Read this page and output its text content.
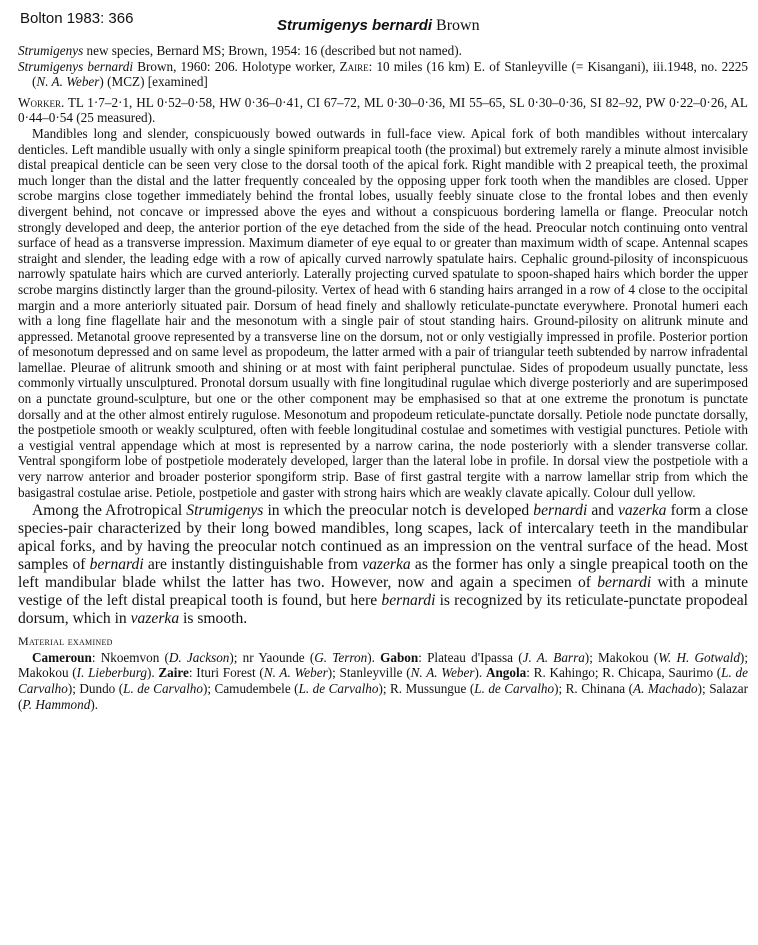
Bolton 1983: 366	Strumigenys bernardi Brown

Strumigenys new species, Bernard MS; Brown, 1954: 16 (described but not named).

Strumigenys bernardi Brown, 1960: 206. Holotype worker, Zaire: 10 miles (16 km) E. of Stanleyville (= Kisangani), iii.1948, no. 2225 (N. A. Weber) (MCZ) [examined]

Worker. TL 1·7–2·1, HL 0·52–0·58, HW 0·36–0·41, CI 67–72, ML 0·30–0·36, MI 55–65, SL 0·30–0·36, SI 82–92, PW 0·22–0·26, AL 0·44–0·54 (25 measured).

Mandibles long and slender, conspicuously bowed outwards in full-face view. Apical fork of both mandibles without intercalary denticles. Left mandible usually with only a single spiniform preapical tooth (the proximal) but extremely rarely a minute almost invisible distal preapical denticle can be seen very close to the dorsal tooth of the apical fork. Right mandible with 2 preapical teeth, the proximal much longer than the distal and the latter frequently concealed by the opposing upper fork tooth when the mandibles are closed. Upper scrobe margins close together immediately behind the frontal lobes, usually feebly sinuate close to the frontal lobes and then evenly divergent behind, not concave or impressed above the eyes and without a conspicuous bordering lamella or flange. Preocular notch strongly developed and deep, the anterior portion of the eye detached from the side of the head. Preocular notch continuing onto ventral surface of head as a transverse impression. Maximum diameter of eye equal to or greater than maximum width of scape. Antennal scapes straight and slender, the leading edge with a row of apically curved narrowly spatulate hairs. Cephalic ground-pilosity of inconspicuous narrowly spatulate hairs which are curved anteriorly. Laterally projecting curved spatulate to spoon-shaped hairs which border the upper scrobe margins distinctly larger than the ground-pilosity. Vertex of head with 6 standing hairs arranged in a row of 4 close to the occipital margin and a more anteriorly situated pair. Dorsum of head finely and shallowly reticulate-punctate everywhere. Pronotal humeri each with a long fine flagellate hair and the mesonotum with a single pair of stout standing hairs. Ground-pilosity on alitrunk minute and appressed. Metanotal groove represented by a transverse line on the dorsum, not or only vestigially impressed in profile. Posterior portion of mesonotum depressed and on same level as propodeum, the latter armed with a pair of triangular teeth subtended by narrow infradental lamellae. Pleurae of alitrunk smooth and shining or at most with faint peripheral punctulae. Sides of propodeum usually punctate, less commonly virtually unsculptured. Pronotal dorsum usually with fine longitudinal rugulae which diverge posteriorly and are superimposed on a punctate ground-sculpture, but one or the other component may be emphasised so that at one extreme the pronotum is punctate dorsally and at the other almost entirely rugulose. Mesonotum and propodeum reticulate-punctate dorsally. Petiole node punctate dorsally, the postpetiole smooth or weakly sculptured, often with feeble longitudinal costulae and sometimes with vestigial punctures. Petiole with a vestigial ventral appendage which at most is represented by a narrow carina, the node posteriorly with a slender transverse collar. Ventral spongiform lobe of postpetiole moderately developed, larger than the lateral lobe in profile. In dorsal view the postpetiole with a very narrow anterior and broader posterior spongiform strip. Base of first gastral tergite with a narrow lamellar strip from which the basigastral costulae arise. Petiole, postpetiole and gaster with strong hairs which are weakly clavate apically. Colour dull yellow.

Among the Afrotropical Strumigenys in which the preocular notch is developed bernardi and vazerka form a close species-pair characterized by their long bowed mandibles, long scapes, lack of intercalary teeth in the mandibular apical forks, and by having the preocular notch continued as an impression on the ventral surface of the head. Most samples of bernardi are instantly distinguishable from vazerka as the former has only a single preapical tooth on the left mandibular blade whilst the latter has two. However, now and again a specimen of bernardi with a minute vestige of the left distal preapical tooth is found, but here bernardi is recognized by its reticulate-punctate propodeal dorsum, which in vazerka is smooth.

Material examined

Cameroun: Nkoemvon (D. Jackson); nr Yaounde (G. Terron). Gabon: Plateau d'Ipassa (J. A. Barra); Makokou (W. H. Gotwald); Makokou (I. Lieberburg). Zaire: Ituri Forest (N. A. Weber); Stanleyville (N. A. Weber). Angola: R. Kahingo; R. Chicapa, Saurimo (L. de Carvalho); Dundo (L. de Carvalho); Camudembele (L. de Carvalho); R. Mussungue (L. de Carvalho); R. Chinana (A. Machado); Salazar (P. Hammond).
